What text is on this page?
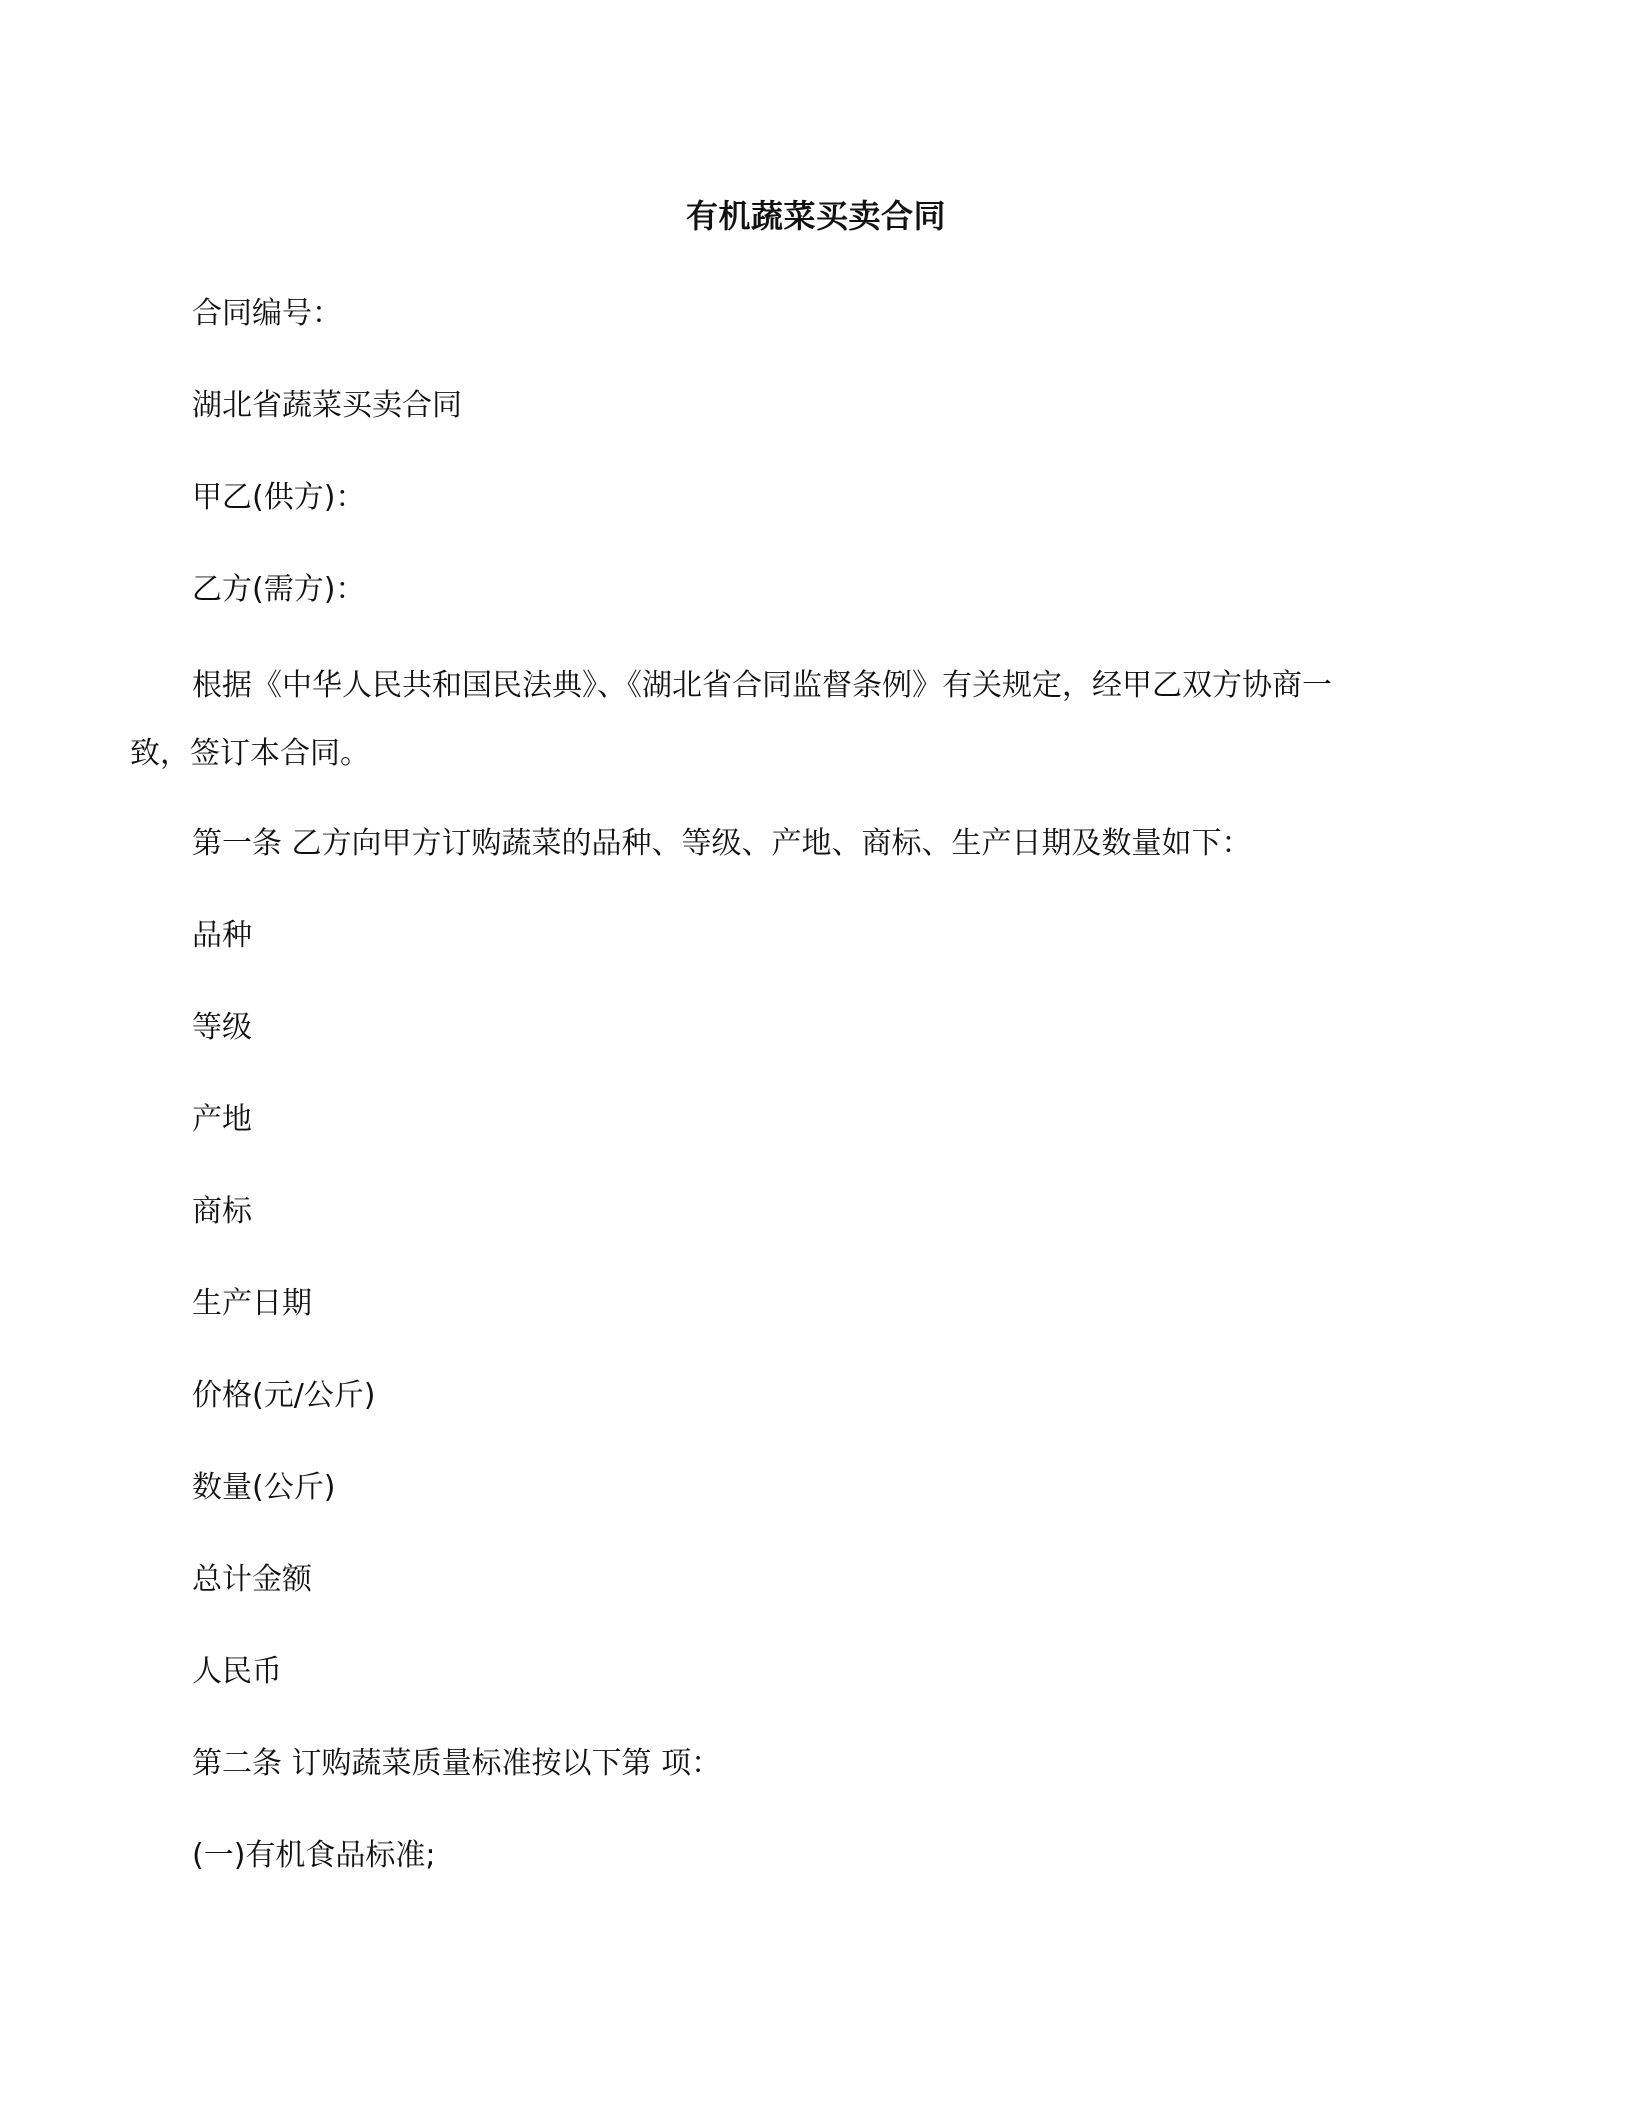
有机蔬菜买卖合同
合同编号：
湖北省蔬菜买卖合同
甲乙(供方)：
乙方(需方)：
根据《中华人民共和国民法典》、《湖北省合同监督条例》有关规定，经甲乙双方协商一致，签订本合同。
第一条 乙方向甲方订购蔬菜的品种、等级、产地、商标、生产日期及数量如下：
品种
等级
产地
商标
生产日期
价格(元/公斤)
数量(公斤)
总计金额
人民币
第二条 订购蔬菜质量标准按以下第 项：
(一)有机食品标准;
